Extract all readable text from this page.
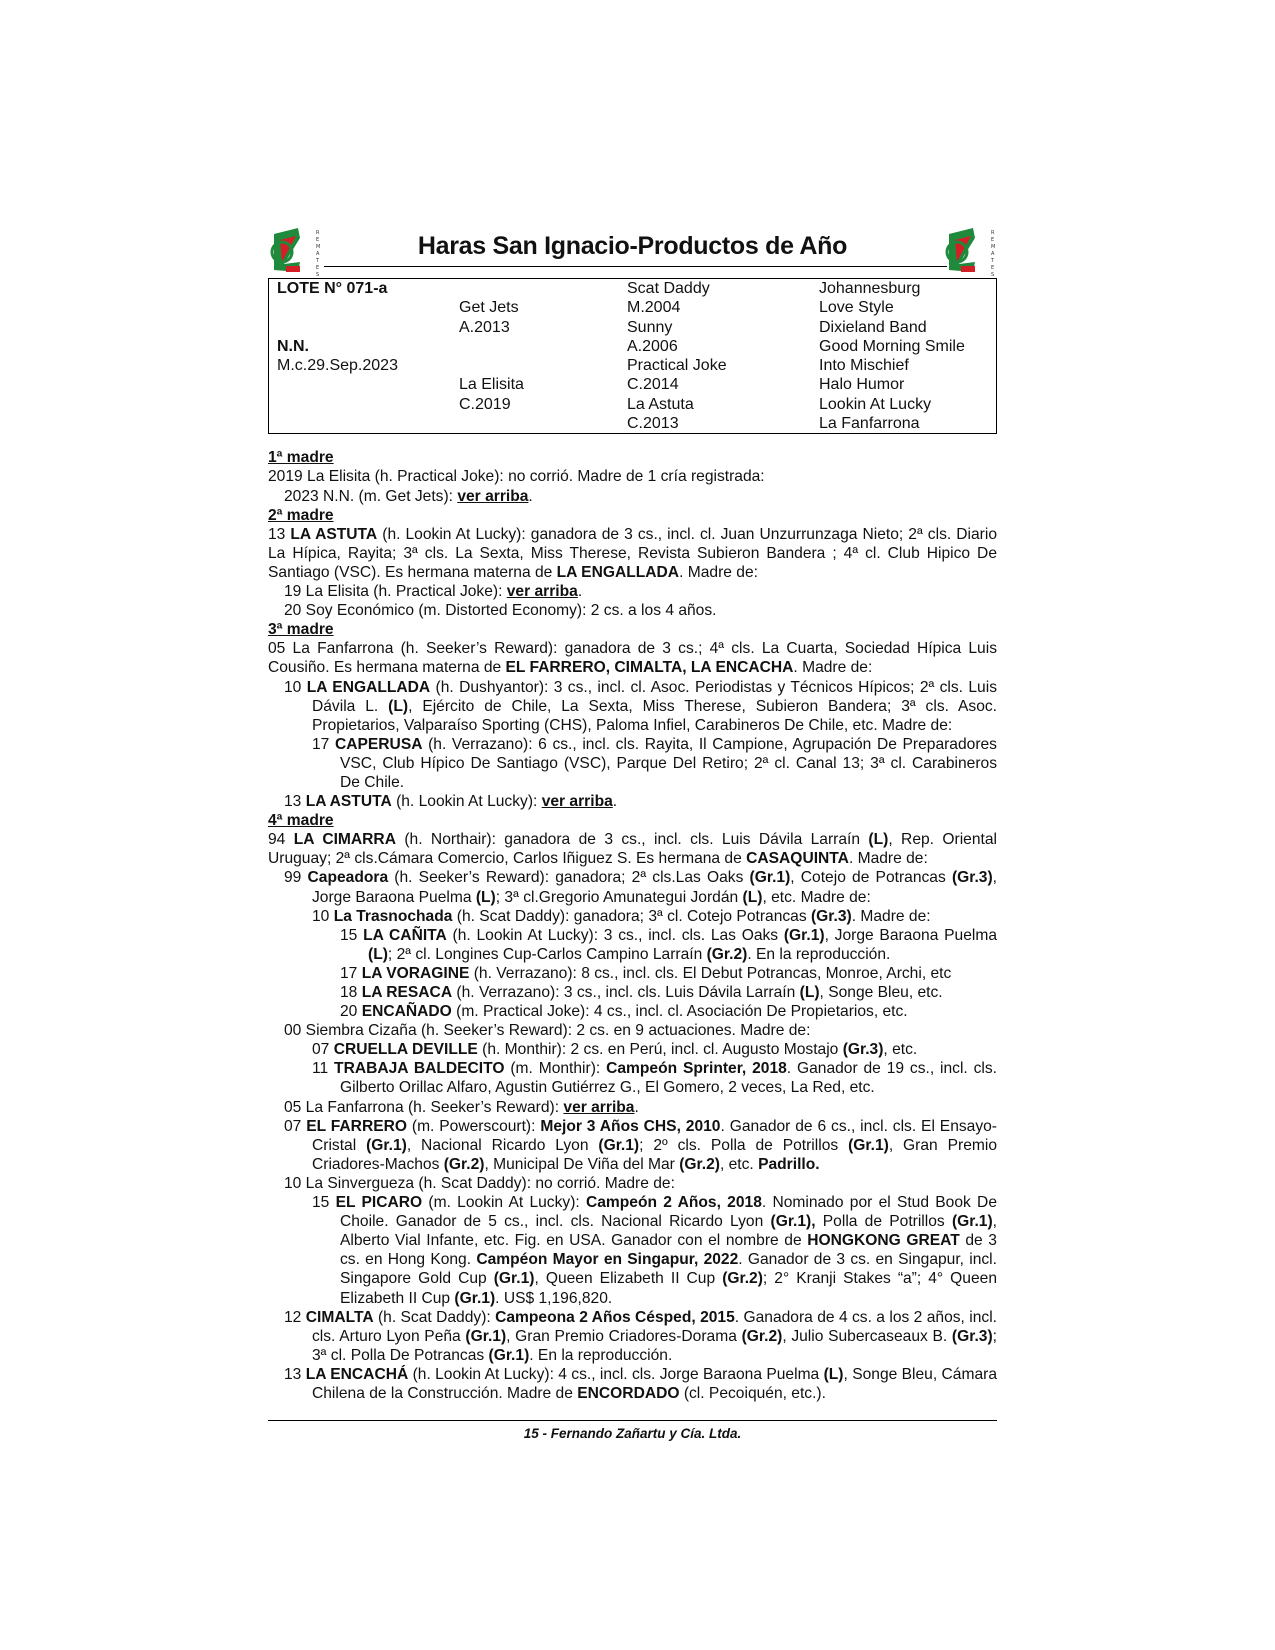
R
E
M
A
T
E
S
Haras San Ignacio-Productos de Año	R
E
M
A
T
E
S
LOTE N° 071-a
N.N.
M.c.29.Sep.2023
Get Jets
A.2013
La Elisita
C.2019
Scat Daddy
M.2004
Sunny
A.2006
Practical Joke
C.2014
La Astuta
C.2013
Johannesburg
Love Style
Dixieland Band
Good Morning Smile
Into Mischief
Halo Humor
Lookin At Lucky
La Fanfarrona

1ª madre

2019 La Elisita (h. Practical Joke): no corrió. Madre de 1 cría registrada:

2023 N.N. (m. Get Jets): ver arriba.

2ª madre

13 LA ASTUTA (h. Lookin At Lucky): ganadora de 3 cs., incl. cl. Juan Unzurrunzaga Nieto; 2ª cls. Diario La Hípica, Rayita; 3ª cls. La Sexta, Miss Therese, Revista Subieron Bandera ; 4ª cl. Club Hipico De Santiago (VSC). Es hermana materna de LA ENGALLADA. Madre de:

19 La Elisita (h. Practical Joke): ver arriba.

20 Soy Económico (m. Distorted Economy): 2 cs. a los 4 años.

3ª madre

05 La Fanfarrona (h. Seeker’s Reward): ganadora de 3 cs.; 4ª cls. La Cuarta, Sociedad Hípica Luis Cousiño. Es hermana materna de EL FARRERO, CIMALTA, LA ENCACHA. Madre de:

10 LA ENGALLADA (h. Dushyantor): 3 cs., incl. cl. Asoc. Periodistas y Técnicos Hípicos; 2ª cls. Luis Dávila L. (L), Ejército de Chile, La Sexta, Miss Therese, Subieron Bandera; 3ª cls. Asoc. Propietarios, Valparaíso Sporting (CHS), Paloma Infiel, Carabineros De Chile, etc. Madre de:

17 CAPERUSA (h. Verrazano): 6 cs., incl. cls. Rayita, Il Campione, Agrupación De Preparadores VSC, Club Hípico De Santiago (VSC), Parque Del Retiro; 2ª cl. Canal 13; 3ª cl. Carabineros De Chile.

13 LA ASTUTA (h. Lookin At Lucky): ver arriba.

4ª madre

94 LA CIMARRA (h. Northair): ganadora de 3 cs., incl. cls. Luis Dávila Larraín (L), Rep. Oriental Uruguay; 2ª cls.Cámara Comercio, Carlos Iñiguez S. Es hermana de CASAQUINTA. Madre de:

99 Capeadora (h. Seeker’s Reward): ganadora; 2ª cls.Las Oaks (Gr.1), Cotejo de Potrancas (Gr.3), Jorge Baraona Puelma (L); 3ª cl.Gregorio Amunategui Jordán (L), etc. Madre de:

10 La Trasnochada (h. Scat Daddy): ganadora; 3ª cl. Cotejo Potrancas (Gr.3). Madre de:

15 LA CAÑITA (h. Lookin At Lucky): 3 cs., incl. cls. Las Oaks (Gr.1), Jorge Baraona Puelma (L); 2ª cl. Longines Cup-Carlos Campino Larraín (Gr.2). En la reproducción.

17 LA VORAGINE (h. Verrazano): 8 cs., incl. cls. El Debut Potrancas, Monroe, Archi, etc

18 LA RESACA (h. Verrazano): 3 cs., incl. cls. Luis Dávila Larraín (L), Songe Bleu, etc.

20 ENCAÑADO (m. Practical Joke): 4 cs., incl. cl. Asociación De Propietarios, etc.

00 Siembra Cizaña (h. Seeker’s Reward): 2 cs. en 9 actuaciones. Madre de:

07 CRUELLA DEVILLE (h. Monthir): 2 cs. en Perú, incl. cl. Augusto Mostajo (Gr.3), etc.

11 TRABAJA BALDECITO (m. Monthir): Campeón Sprinter, 2018. Ganador de 19 cs., incl. cls. Gilberto Orillac Alfaro, Agustin Gutiérrez G., El Gomero, 2 veces, La Red, etc.

05 La Fanfarrona (h. Seeker’s Reward): ver arriba.

07 EL FARRERO (m. Powerscourt): Mejor 3 Años CHS, 2010. Ganador de 6 cs., incl. cls. El Ensayo-Cristal (Gr.1), Nacional Ricardo Lyon (Gr.1); 2º cls. Polla de Potrillos (Gr.1), Gran Premio Criadores-Machos (Gr.2), Municipal De Viña del Mar (Gr.2), etc. Padrillo.

10 La Sinvergueza (h. Scat Daddy): no corrió. Madre de:

15 EL PICARO (m. Lookin At Lucky): Campeón 2 Años, 2018. Nominado por el Stud Book De Choile. Ganador de 5 cs., incl. cls. Nacional Ricardo Lyon (Gr.1), Polla de Potrillos (Gr.1), Alberto Vial Infante, etc. Fig. en USA. Ganador con el nombre de HONGKONG GREAT de 3 cs. en Hong Kong. Campéon Mayor en Singapur, 2022. Ganador de 3 cs. en Singapur, incl. Singapore Gold Cup (Gr.1), Queen Elizabeth II Cup (Gr.2); 2° Kranji Stakes “a”; 4° Queen Elizabeth II Cup (Gr.1). US$ 1,196,820.

12 CIMALTA (h. Scat Daddy): Campeona 2 Años Césped, 2015. Ganadora de 4 cs. a los 2 años, incl. cls. Arturo Lyon Peña (Gr.1), Gran Premio Criadores-Dorama (Gr.2), Julio Subercaseaux B. (Gr.3); 3ª cl. Polla De Potrancas (Gr.1). En la reproducción.

13 LA ENCACHÁ (h. Lookin At Lucky): 4 cs., incl. cls. Jorge Baraona Puelma (L), Songe Bleu, Cámara Chilena de la Construcción. Madre de ENCORDADO (cl. Pecoiquén, etc.).

15 - Fernando Zañartu y Cía. Ltda.
